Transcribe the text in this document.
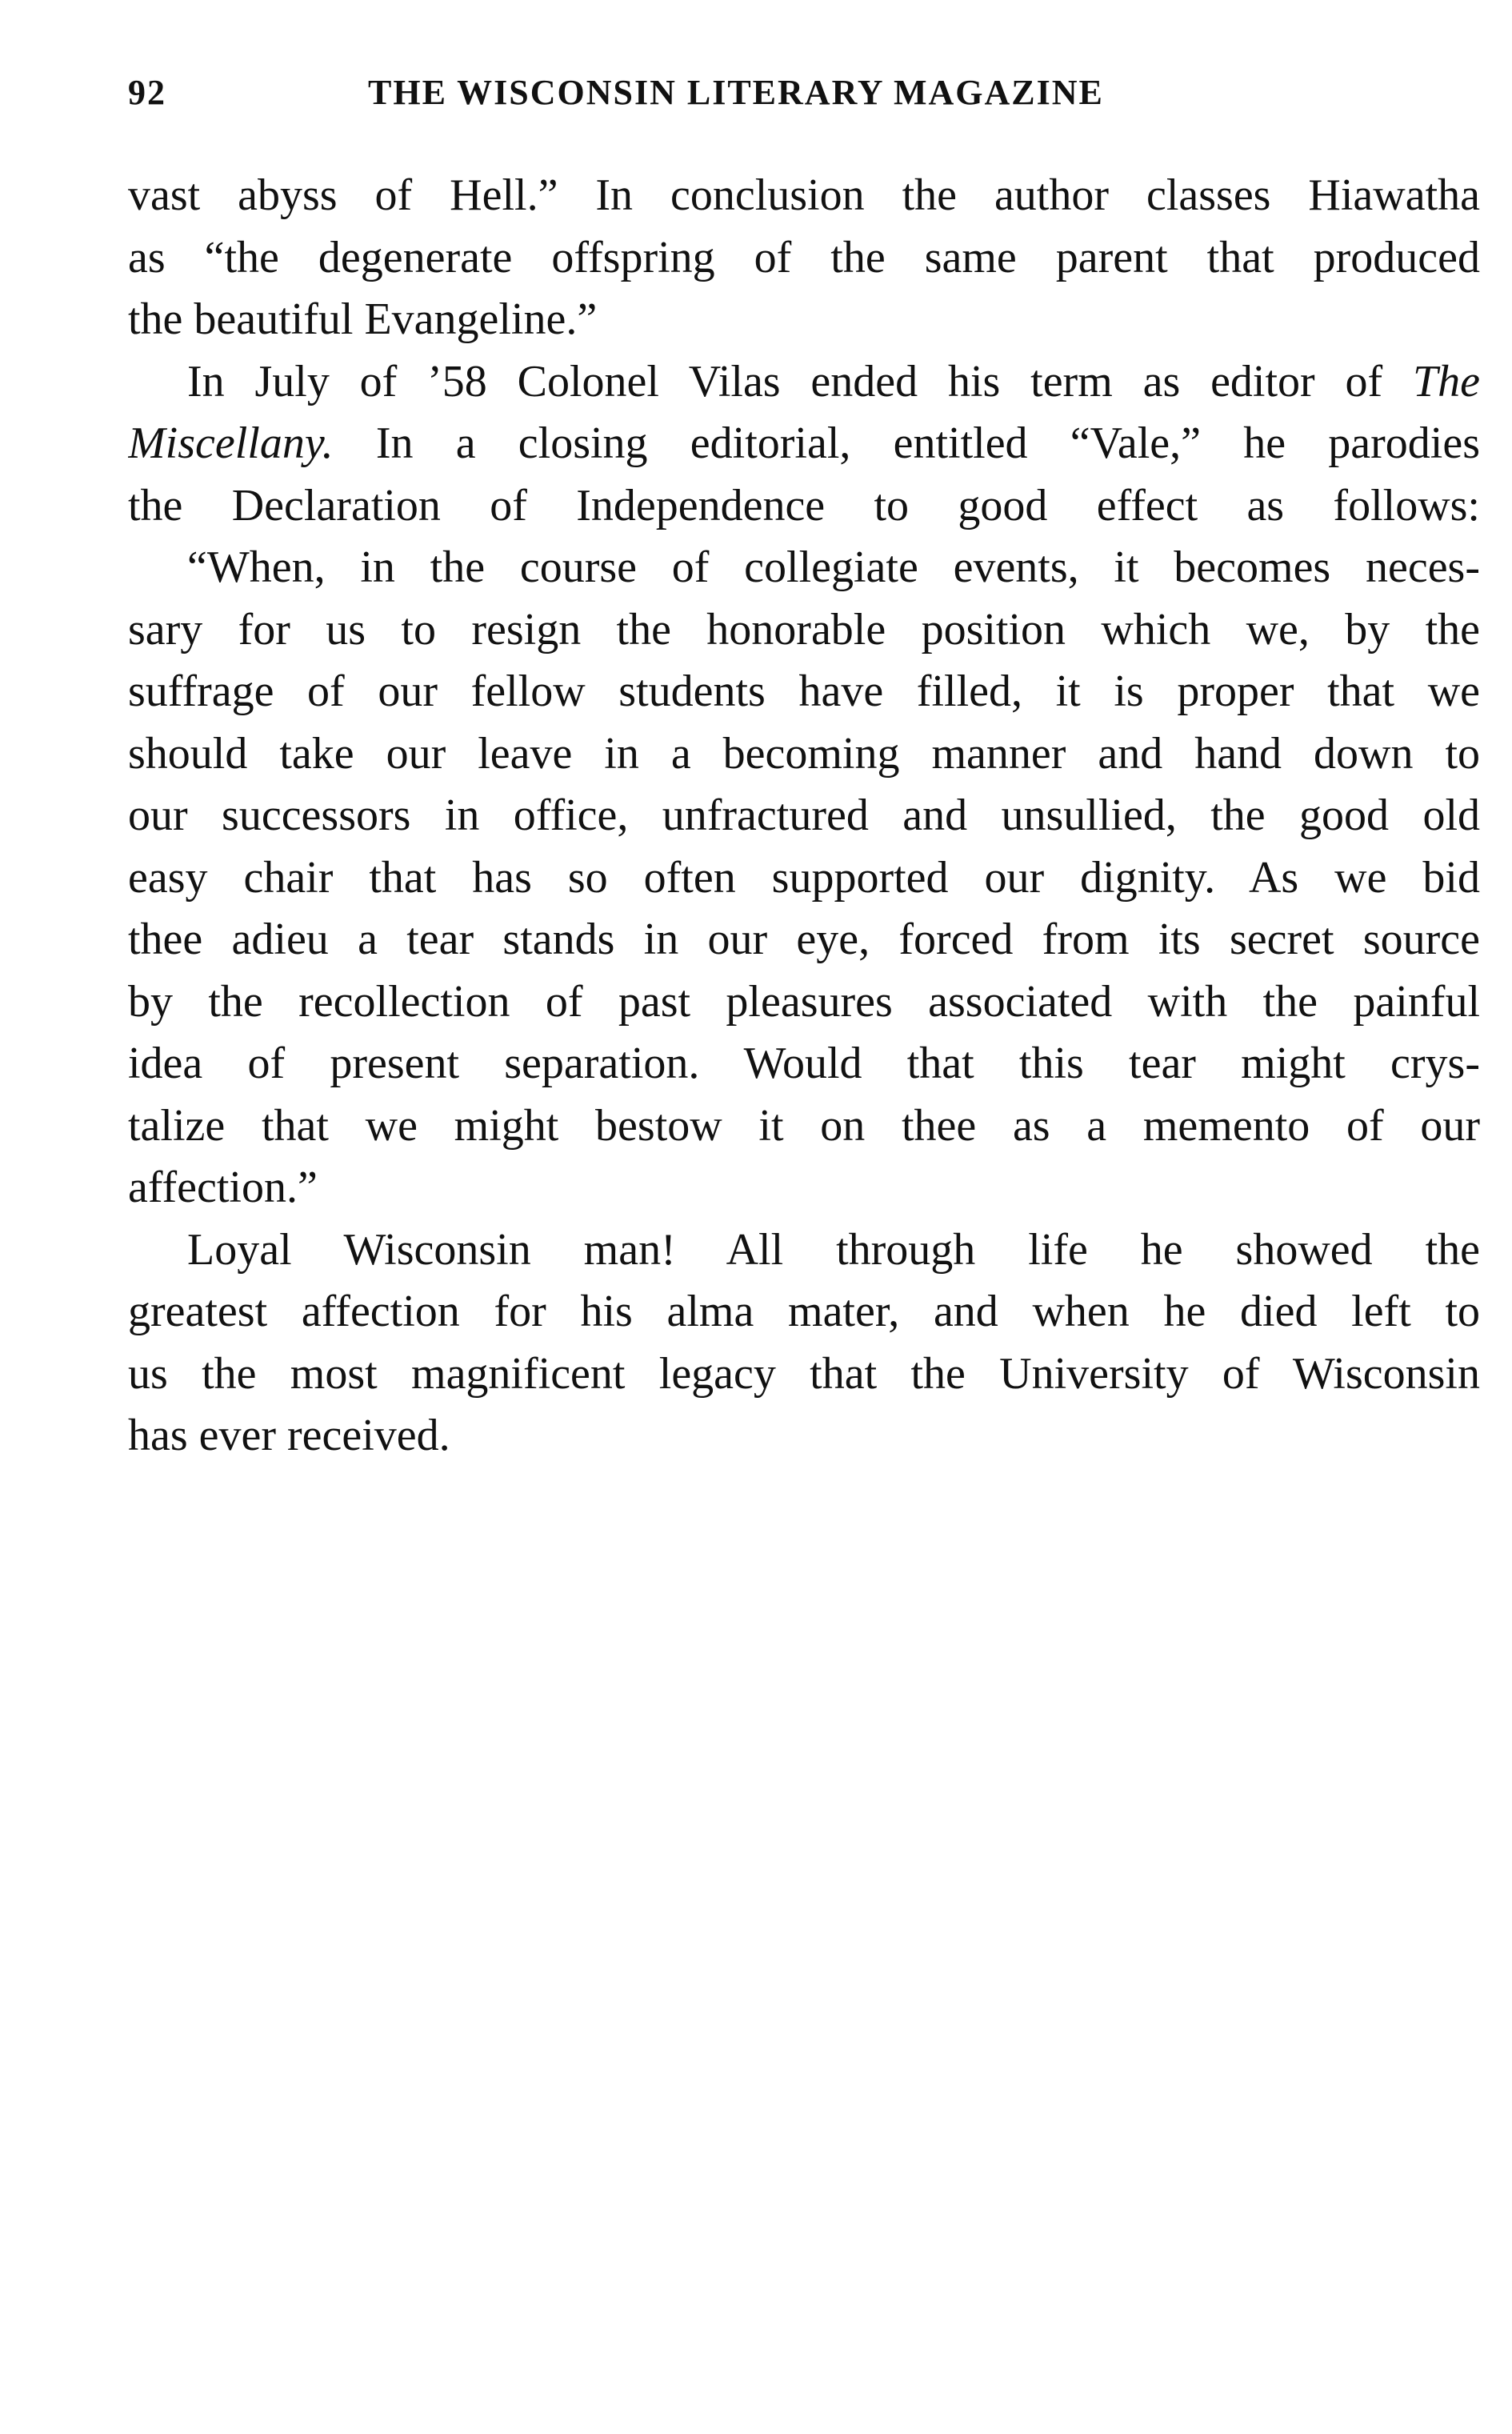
92	THE WISCONSIN LITERARY MAGAZINE
vast abyss of Hell.” In conclusion the author classes Hiawatha
as “the degenerate offspring of the same parent that produced
the beautiful Evangeline.”
In July of ’58 Colonel Vilas ended his term as editor of The
Miscellany. In a closing editorial, entitled “Vale,” he parodies
the Declaration of Independence to good effect as follows:
“When, in the course of collegiate events, it becomes neces-
sary for us to resign the honorable position which we, by the
suffrage of our fellow students have filled, it is proper that we
should take our leave in a becoming manner and hand down to
our successors in office, unfractured and unsullied, the good old
easy chair that has so often supported our dignity. As we bid
thee adieu a tear stands in our eye, forced from its secret source
by the recollection of past pleasures associated with the painful
idea of present separation. Would that this tear might crys-
talize that we might bestow it on thee as a memento of our
affection.”
Loyal Wisconsin man! All through life he showed the
greatest affection for his alma mater, and when he died left to
us the most magnificent legacy that the University of Wisconsin
has ever received.
